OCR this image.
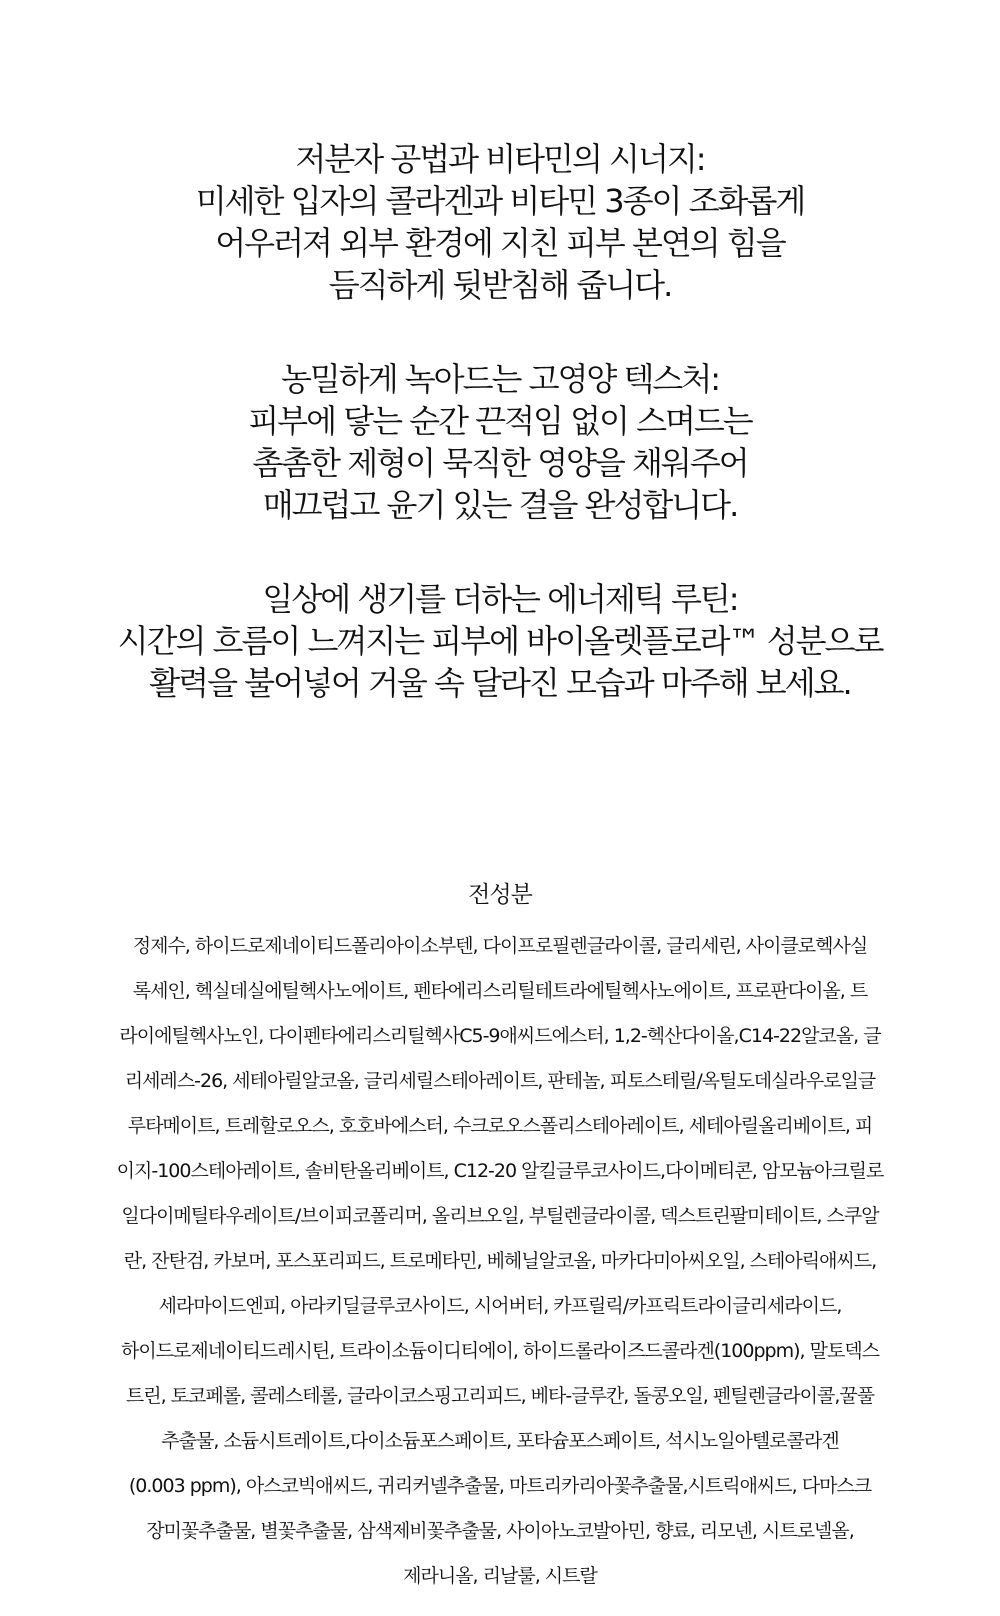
저분자 공법과 비타민의 시너지:
미세한 입자의 콜라겐과 비타민 3종이 조화롭게
어우러져 외부 환경에 지친 피부 본연의 힘을
듬직하게 뒷받침해 줍니다.
농밀하게 녹아드는 고영양 텍스처:
피부에 닿는 순간 끈적임 없이 스며드는
촘촘한 제형이 묵직한 영양을 채워주어
매끄럽고 윤기 있는 결을 완성합니다.
일상에 생기를 더하는 에너제틱 루틴:
시간의 흐름이 느껴지는 피부에 바이올렛플로라™ 성분으로
활력을 불어넣어 거울 속 달라진 모습과 마주해 보세요.
전성분
정제수, 하이드로제네이티드폴리아이소부텐, 다이프로필렌글라이콜, 글리세린, 사이클로헥사실
록세인, 헥실데실에틸헥사노에이트, 펜타에리스리틸테트라에틸헥사노에이트, 프로판다이올, 트
라이에틸헥사노인, 다이펜타에리스리틸헥사C5-9애씨드에스터, 1,2-헥산다이올,C14-22알코올, 글
리세레스-26, 세테아릴알코올, 글리세릴스테아레이트, 판테놀, 피토스테릴/옥틸도데실라우로일글
루타메이트, 트레할로오스, 호호바에스터, 수크로오스폴리스테아레이트, 세테아릴올리베이트, 피
이지-100스테아레이트, 솔비탄올리베이트, C12-20 알킬글루코사이드,다이메티콘, 암모늄아크릴로
일다이메틸타우레이트/브이피코폴리머, 올리브오일, 부틸렌글라이콜, 덱스트린팔미테이트, 스쿠알
란, 잔탄검, 카보머, 포스포리피드, 트로메타민, 베헤닐알코올, 마카다미아씨오일, 스테아릭애씨드,
세라마이드엔피, 아라키딜글루코사이드, 시어버터, 카프릴릭/카프릭트라이글리세라이드,
하이드로제네이티드레시틴, 트라이소듐이디티에이, 하이드롤라이즈드콜라겐(100ppm), 말토덱스
트린, 토코페롤, 콜레스테롤, 글라이코스핑고리피드, 베타-글루칸, 돌콩오일, 펜틸렌글라이콜,꿀풀
추출물, 소듐시트레이트,다이소듐포스페이트, 포타슘포스페이트, 석시노일아텔로콜라겐
(0.003 ppm), 아스코빅애씨드, 귀리커넬추출물, 마트리카리아꽃추출물,시트릭애씨드, 다마스크
장미꽃추출물, 별꽃추출물, 삼색제비꽃추출물, 사이아노코발아민, 향료, 리모넨, 시트로넬올,
제라니올, 리날룰, 시트랄
